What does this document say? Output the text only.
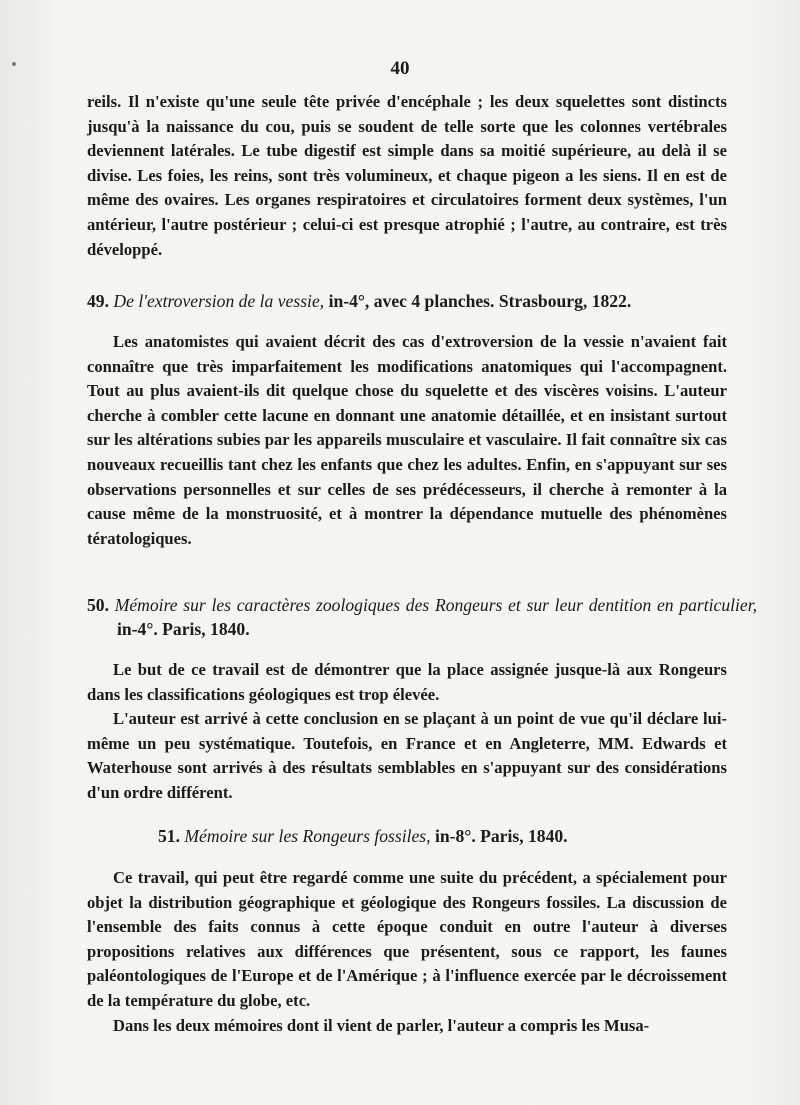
40

reils. Il n'existe qu'une seule tête privée d'encéphale ; les deux squelettes sont distincts jusqu'à la naissance du cou, puis se soudent de telle sorte que les colonnes vertébrales deviennent latérales. Le tube digestif est simple dans sa moitié supérieure, au delà il se divise. Les foies, les reins, sont très volumineux, et chaque pigeon a les siens. Il en est de même des ovaires. Les organes respiratoires et circulatoires forment deux systèmes, l'un antérieur, l'autre postérieur ; celui-ci est presque atrophié ; l'autre, au contraire, est très développé.

49. De l'extroversion de la vessie, in-4°, avec 4 planches. Strasbourg, 1822.

Les anatomistes qui avaient décrit des cas d'extroversion de la vessie n'avaient fait connaître que très imparfaitement les modifications anatomiques qui l'accompagnent. Tout au plus avaient-ils dit quelque chose du squelette et des viscères voisins. L'auteur cherche à combler cette lacune en donnant une anatomie détaillée, et en insistant surtout sur les altérations subies par les appareils musculaire et vasculaire. Il fait connaître six cas nouveaux recueillis tant chez les enfants que chez les adultes. Enfin, en s'appuyant sur ses observations personnelles et sur celles de ses prédécesseurs, il cherche à remonter à la cause même de la monstruosité, et à montrer la dépendance mutuelle des phénomènes tératologiques.

50. Mémoire sur les caractères zoologiques des Rongeurs et sur leur dentition en particulier, in-4°. Paris, 1840.

Le but de ce travail est de démontrer que la place assignée jusque-là aux Rongeurs dans les classifications géologiques est trop élevée.

L'auteur est arrivé à cette conclusion en se plaçant à un point de vue qu'il déclare lui-même un peu systématique. Toutefois, en France et en Angleterre, MM. Edwards et Waterhouse sont arrivés à des résultats semblables en s'appuyant sur des considérations d'un ordre différent.

51. Mémoire sur les Rongeurs fossiles, in-8°. Paris, 1840.

Ce travail, qui peut être regardé comme une suite du précédent, a spécialement pour objet la distribution géographique et géologique des Rongeurs fossiles. La discussion de l'ensemble des faits connus à cette époque conduit en outre l'auteur à diverses propositions relatives aux différences que présentent, sous ce rapport, les faunes paléontologiques de l'Europe et de l'Amérique ; à l'influence exercée par le décroissement de la température du globe, etc.

Dans les deux mémoires dont il vient de parler, l'auteur a compris les Musa-
